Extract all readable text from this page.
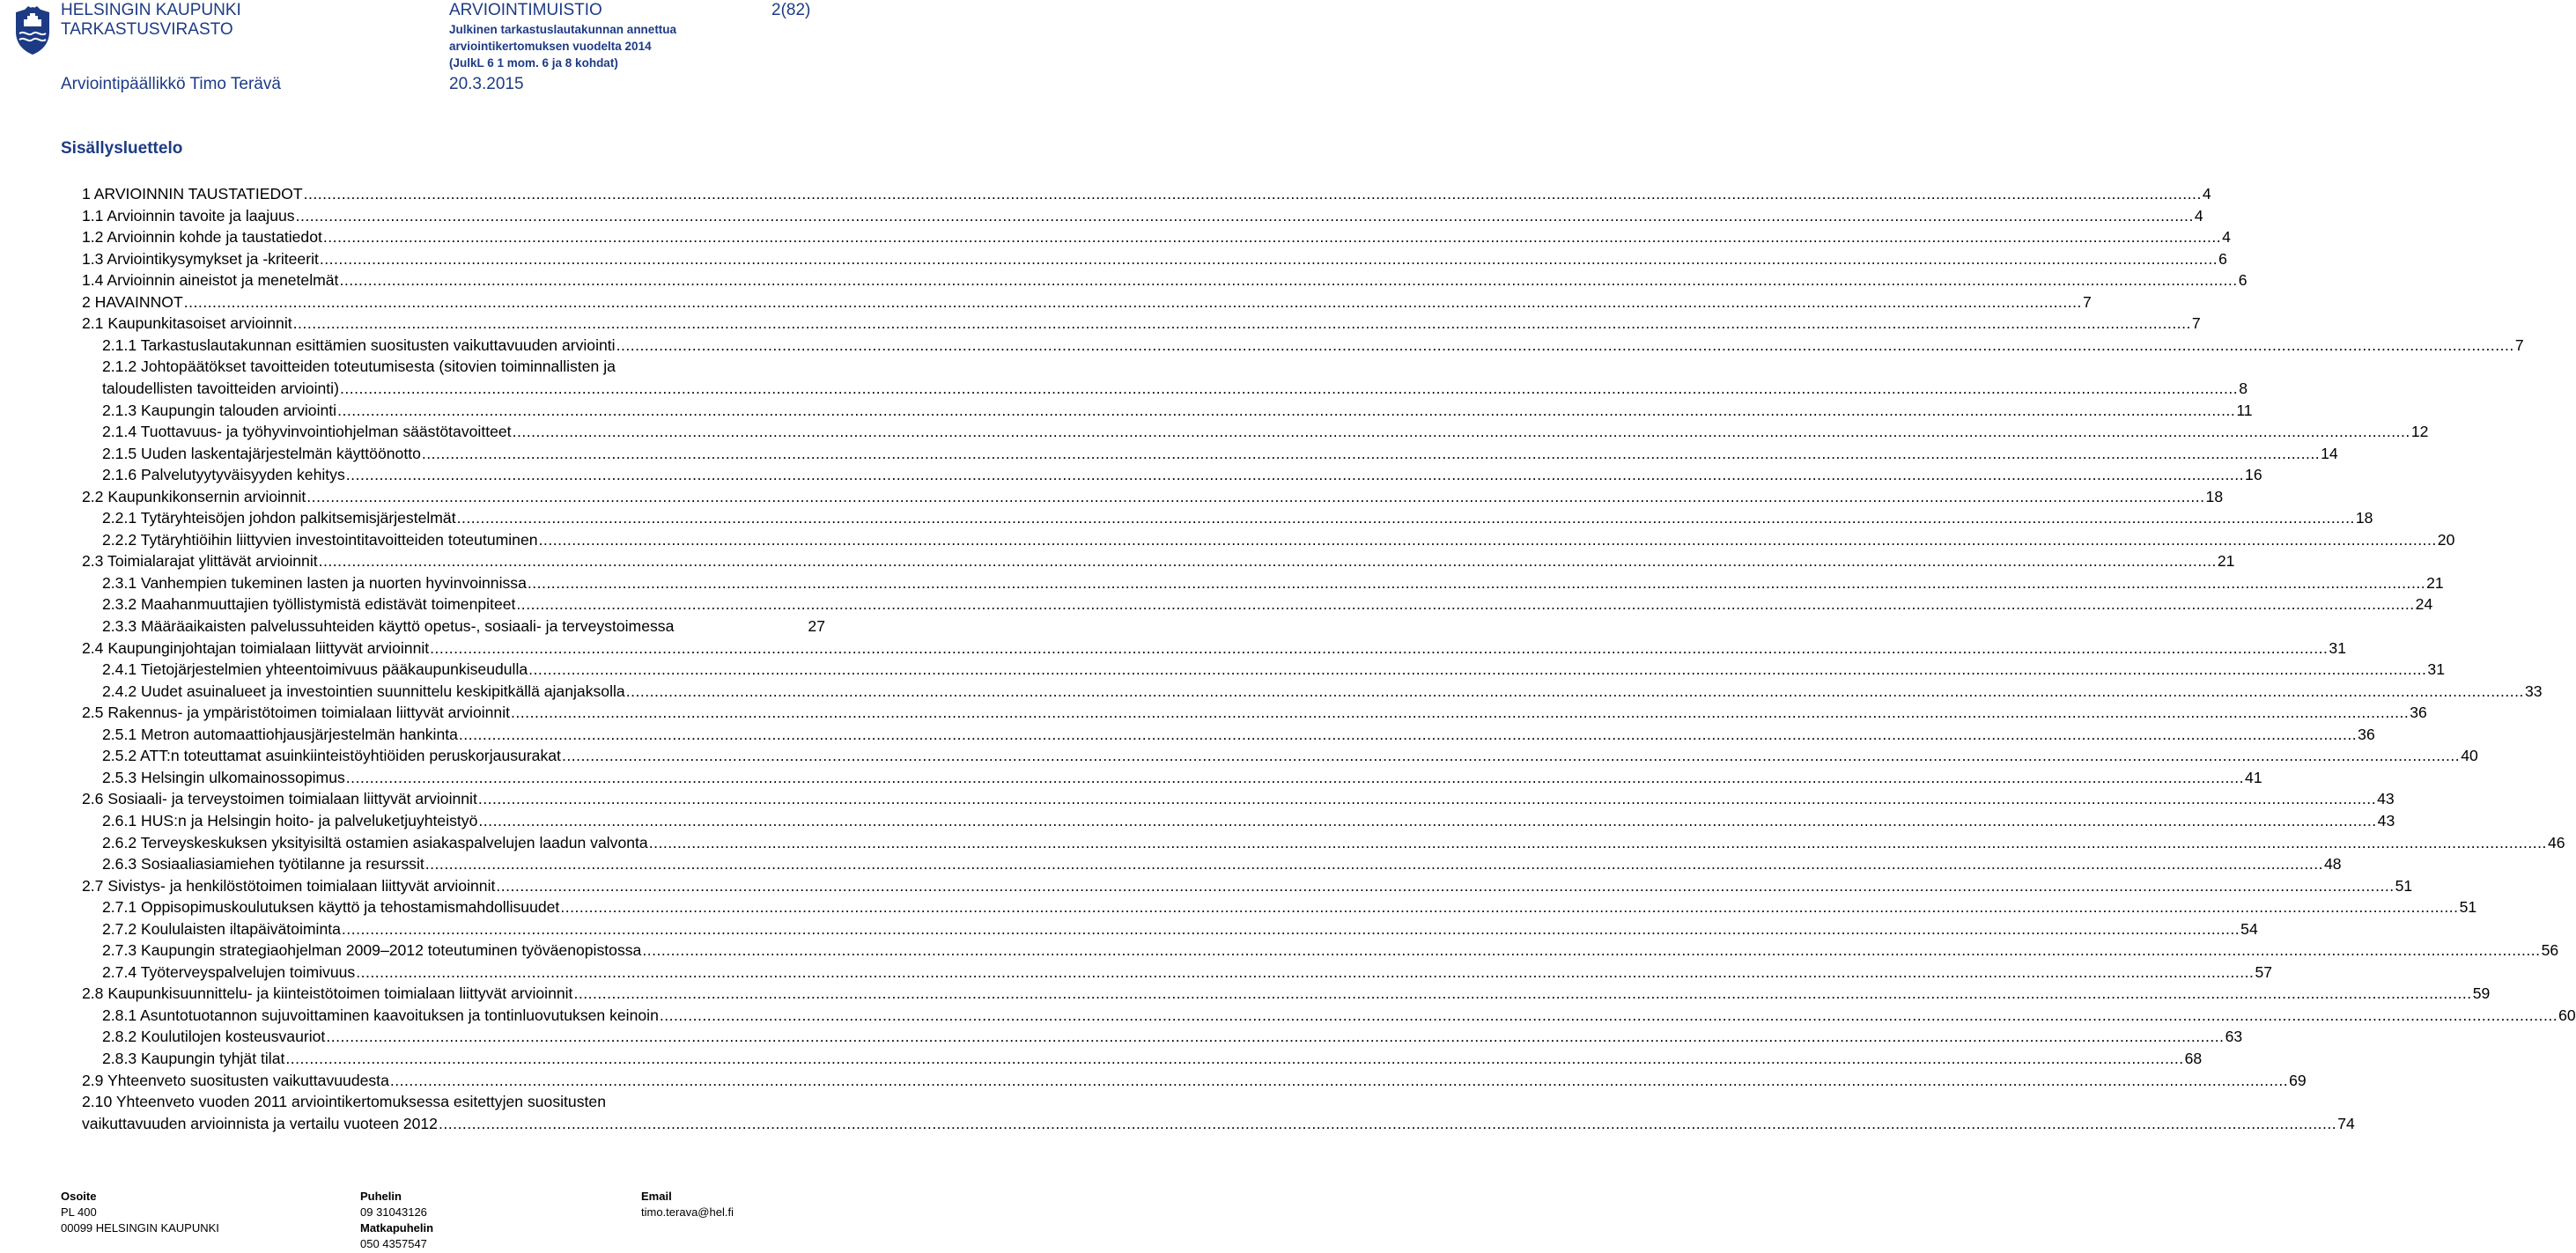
HELSINGIN KAUPUNKI
TARKASTUSVIRASTO
Arviointipäällikkö Timo Terävä
ARVIOINTIMUISTIO
Julkinen tarkastuslautakunnan annettua
arviointikertomuksen vuodelta 2014
(JulkL 6 1 mom. 6 ja 8 kohdat)
20.3.2015
2(82)
Sisällysluettelo
1 ARVIOINNIN TAUSTATIEDOT ................................................................................................................................................................................................................................................................................................................................................................................................................ 4
1.1 Arvioinnin tavoite ja laajuus ................................................................................................................................................................................................................................................................................................................................................................................................................ 4
1.2 Arvioinnin kohde ja taustatiedot ................................................................................................................................................................................................................................................................................................................................................................................................................ 4
1.3 Arviointikysymykset ja -kriteerit ................................................................................................................................................................................................................................................................................................................................................................................................................ 6
1.4 Arvioinnin aineistot ja menetelmät ................................................................................................................................................................................................................................................................................................................................................................................................................ 6
2 HAVAINNOT ................................................................................................................................................................................................................................................................................................................................................................................................................ 7
2.1 Kaupunkitasoiset arvioinnit ................................................................................................................................................................................................................................................................................................................................................................................................................ 7
2.1.1 Tarkastuslautakunnan esittämien suositusten vaikuttavuuden arviointi ................................................................................................................................................................................................................................................................................................................................................................................................................ 7
2.1.2 Johtopäätökset tavoitteiden toteutumisesta (sitovien toiminnallisten ja
taloudellisten tavoitteiden arviointi) ................................................................................................................................................................................................................................................................................................................................................................................................................ 8
2.1.3 Kaupungin talouden arviointi ................................................................................................................................................................................................................................................................................................................................................................................................................ 11
2.1.4 Tuottavuus- ja työhyvinvointiohjelman säästötavoitteet ................................................................................................................................................................................................................................................................................................................................................................................................................ 12
2.1.5 Uuden laskentajärjestelmän käyttöönotto ................................................................................................................................................................................................................................................................................................................................................................................................................ 14
2.1.6 Palvelutyytyväisyyden kehitys ................................................................................................................................................................................................................................................................................................................................................................................................................ 16
2.2 Kaupunkikonsernin arvioinnit ................................................................................................................................................................................................................................................................................................................................................................................................................ 18
2.2.1 Tytäryhteisöjen johdon palkitsemisjärjestelmät ................................................................................................................................................................................................................................................................................................................................................................................................................ 18
2.2.2 Tytäryhtiöihin liittyvien investointitavoitteiden toteutuminen ................................................................................................................................................................................................................................................................................................................................................................................................................ 20
2.3 Toimialarajat ylittävät arvioinnit ................................................................................................................................................................................................................................................................................................................................................................................................................ 21
2.3.1 Vanhempien tukeminen lasten ja nuorten hyvinvoinnissa ................................................................................................................................................................................................................................................................................................................................................................................................................ 21
2.3.2 Maahanmuuttajien työllistymistä edistävät toimenpiteet ................................................................................................................................................................................................................................................................................................................................................................................................................ 24
2.3.3 Määräaikaisten palvelussuhteiden käyttö opetus-, sosiaali- ja terveystoimessa	27
2.4 Kaupunginjohtajan toimialaan liittyvät arvioinnit ................................................................................................................................................................................................................................................................................................................................................................................................................ 31
2.4.1 Tietojärjestelmien yhteentoimivuus pääkaupunkiseudulla ................................................................................................................................................................................................................................................................................................................................................................................................................ 31
2.4.2 Uudet asuinalueet ja investointien suunnittelu keskipitkällä ajanjaksolla ................................................................................................................................................................................................................................................................................................................................................................................................................ 33
2.5 Rakennus- ja ympäristötoimen toimialaan liittyvät arvioinnit ................................................................................................................................................................................................................................................................................................................................................................................................................ 36
2.5.1 Metron automaattiohjausjärjestelmän hankinta ................................................................................................................................................................................................................................................................................................................................................................................................................ 36
2.5.2 ATT:n toteuttamat asuinkiinteistöyhtiöiden peruskorjausurakat ................................................................................................................................................................................................................................................................................................................................................................................................................ 40
2.5.3 Helsingin ulkomainossopimus ................................................................................................................................................................................................................................................................................................................................................................................................................ 41
2.6 Sosiaali- ja terveystoimen toimialaan liittyvät arvioinnit ................................................................................................................................................................................................................................................................................................................................................................................................................ 43
2.6.1 HUS:n ja Helsingin hoito- ja palveluketjuyhteistyö ................................................................................................................................................................................................................................................................................................................................................................................................................ 43
2.6.2 Terveyskeskuksen yksityisiltä ostamien asiakaspalvelujen laadun valvonta ................................................................................................................................................................................................................................................................................................................................................................................................................ 46
2.6.3 Sosiaaliasiamiehen työtilanne ja resurssit ................................................................................................................................................................................................................................................................................................................................................................................................................ 48
2.7 Sivistys- ja henkilöstötoimen toimialaan liittyvät arvioinnit ................................................................................................................................................................................................................................................................................................................................................................................................................ 51
2.7.1 Oppisopimuskoulutuksen käyttö ja tehostamismahdollisuudet ................................................................................................................................................................................................................................................................................................................................................................................................................ 51
2.7.2 Koululaisten iltapäivätoiminta ................................................................................................................................................................................................................................................................................................................................................................................................................ 54
2.7.3 Kaupungin strategiaohjelman 2009–2012 toteutuminen työväenopistossa ................................................................................................................................................................................................................................................................................................................................................................................................................ 56
2.7.4 Työterveyspalvelujen toimivuus ................................................................................................................................................................................................................................................................................................................................................................................................................ 57
2.8 Kaupunkisuunnittelu- ja kiinteistötoimen toimialaan liittyvät arvioinnit ................................................................................................................................................................................................................................................................................................................................................................................................................ 59
2.8.1 Asuntotuotannon sujuvoittaminen kaavoituksen ja tontinluovutuksen keinoin ................................................................................................................................................................................................................................................................................................................................................................................................................ 60
2.8.2 Koulutilojen kosteusvauriot ................................................................................................................................................................................................................................................................................................................................................................................................................ 63
2.8.3 Kaupungin tyhjät tilat ................................................................................................................................................................................................................................................................................................................................................................................................................ 68
2.9 Yhteenveto suositusten vaikuttavuudesta ................................................................................................................................................................................................................................................................................................................................................................................................................ 69
2.10 Yhteenveto vuoden 2011 arviointikertomuksessa esitettyjen suositusten
vaikuttavuuden arvioinnista ja vertailu vuoteen 2012 ................................................................................................................................................................................................................................................................................................................................................................................................................ 74
Osoite
PL 400
00099 HELSINGIN KAUPUNKI
Puhelin
09 31043126
Matkapuhelin
050 4357547
Email
timo.terava@hel.fi
